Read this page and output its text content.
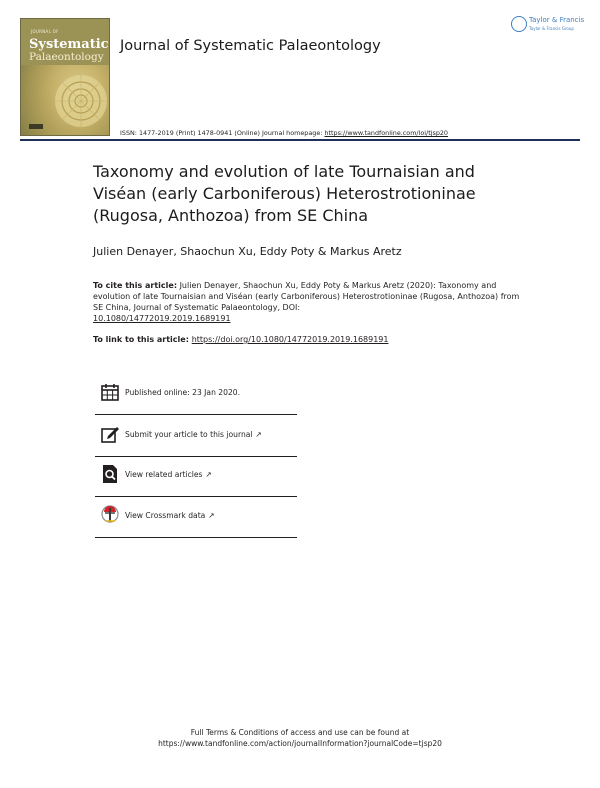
JOURNAL OF
Systematic
Palaeontology
Journal of Systematic Palaeontology
Taylor & Francis
Taylor & Francis Group
ISSN: 1477-2019 (Print) 1478-0941 (Online) Journal homepage: https://www.tandfonline.com/loi/tjsp20
Taxonomy and evolution of late Tournaisian and Viséan (early Carboniferous) Heterostrotioninae (Rugosa, Anthozoa) from SE China
Julien Denayer, Shaochun Xu, Eddy Poty & Markus Aretz
To cite this article: Julien Denayer, Shaochun Xu, Eddy Poty & Markus Aretz (2020): Taxonomy and evolution of late Tournaisian and Viséan (early Carboniferous) Heterostrotioninae (Rugosa, Anthozoa) from SE China, Journal of Systematic Palaeontology, DOI:
10.1080/14772019.2019.1689191
To link to this article: https://doi.org/10.1080/14772019.2019.1689191
Published online: 23 Jan 2020.
Submit your article to this journal ↗
View related articles ↗
View Crossmark data ↗
Full Terms & Conditions of access and use can be found at
https://www.tandfonline.com/action/journalInformation?journalCode=tjsp20
